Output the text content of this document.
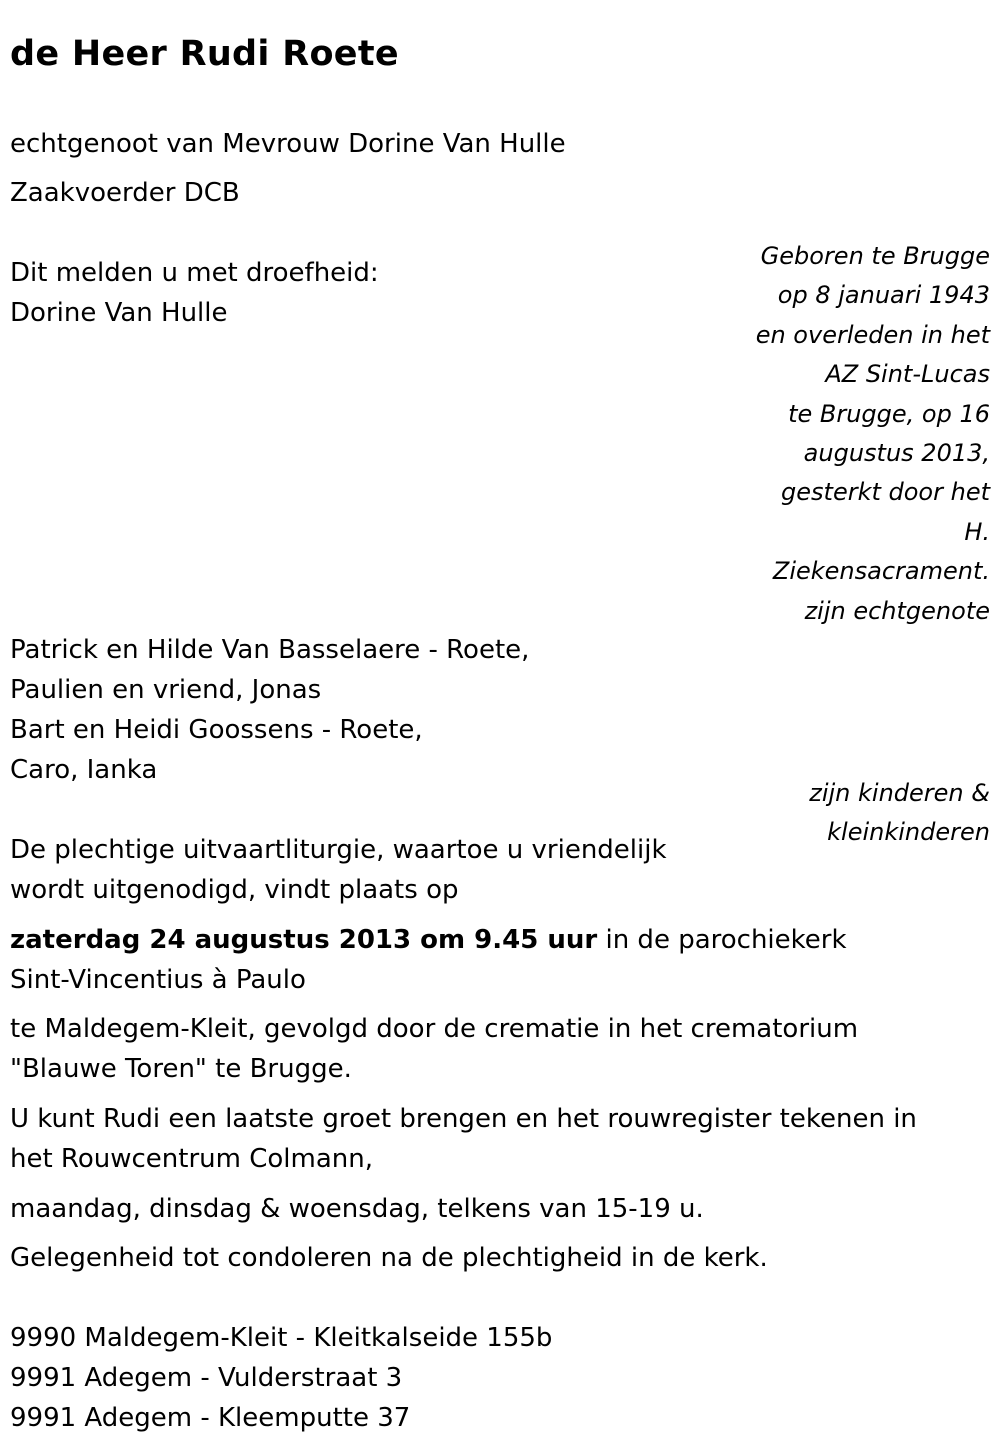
de Heer Rudi Roete
echtgenoot van Mevrouw Dorine Van Hulle
Zaakvoerder DCB
Dit melden u met droefheid:
Dorine Van Hulle
Geboren te Brugge
op 8 januari 1943
en overleden in het
AZ Sint-Lucas
te Brugge, op 16
augustus 2013,
gesterkt door het
H.
Ziekensacrament.
zijn echtgenote
Patrick en Hilde Van Basselaere - Roete,
Paulien en vriend, Jonas
Bart en Heidi Goossens - Roete,
Caro, Ianka
zijn kinderen &
kleinkinderen
De plechtige uitvaartliturgie, waartoe u vriendelijk
wordt uitgenodigd, vindt plaats op
zaterdag 24 augustus 2013 om 9.45 uur in de parochiekerk
Sint-Vincentius à Paulo
te Maldegem-Kleit, gevolgd door de crematie in het crematorium
"Blauwe Toren" te Brugge.
U kunt Rudi een laatste groet brengen en het rouwregister tekenen in
het Rouwcentrum Colmann,
maandag, dinsdag & woensdag, telkens van 15-19 u.
Gelegenheid tot condoleren na de plechtigheid in de kerk.
9990 Maldegem-Kleit - Kleitkalseide 155b
9991 Adegem - Vulderstraat 3
9991 Adegem - Kleemputte 37
